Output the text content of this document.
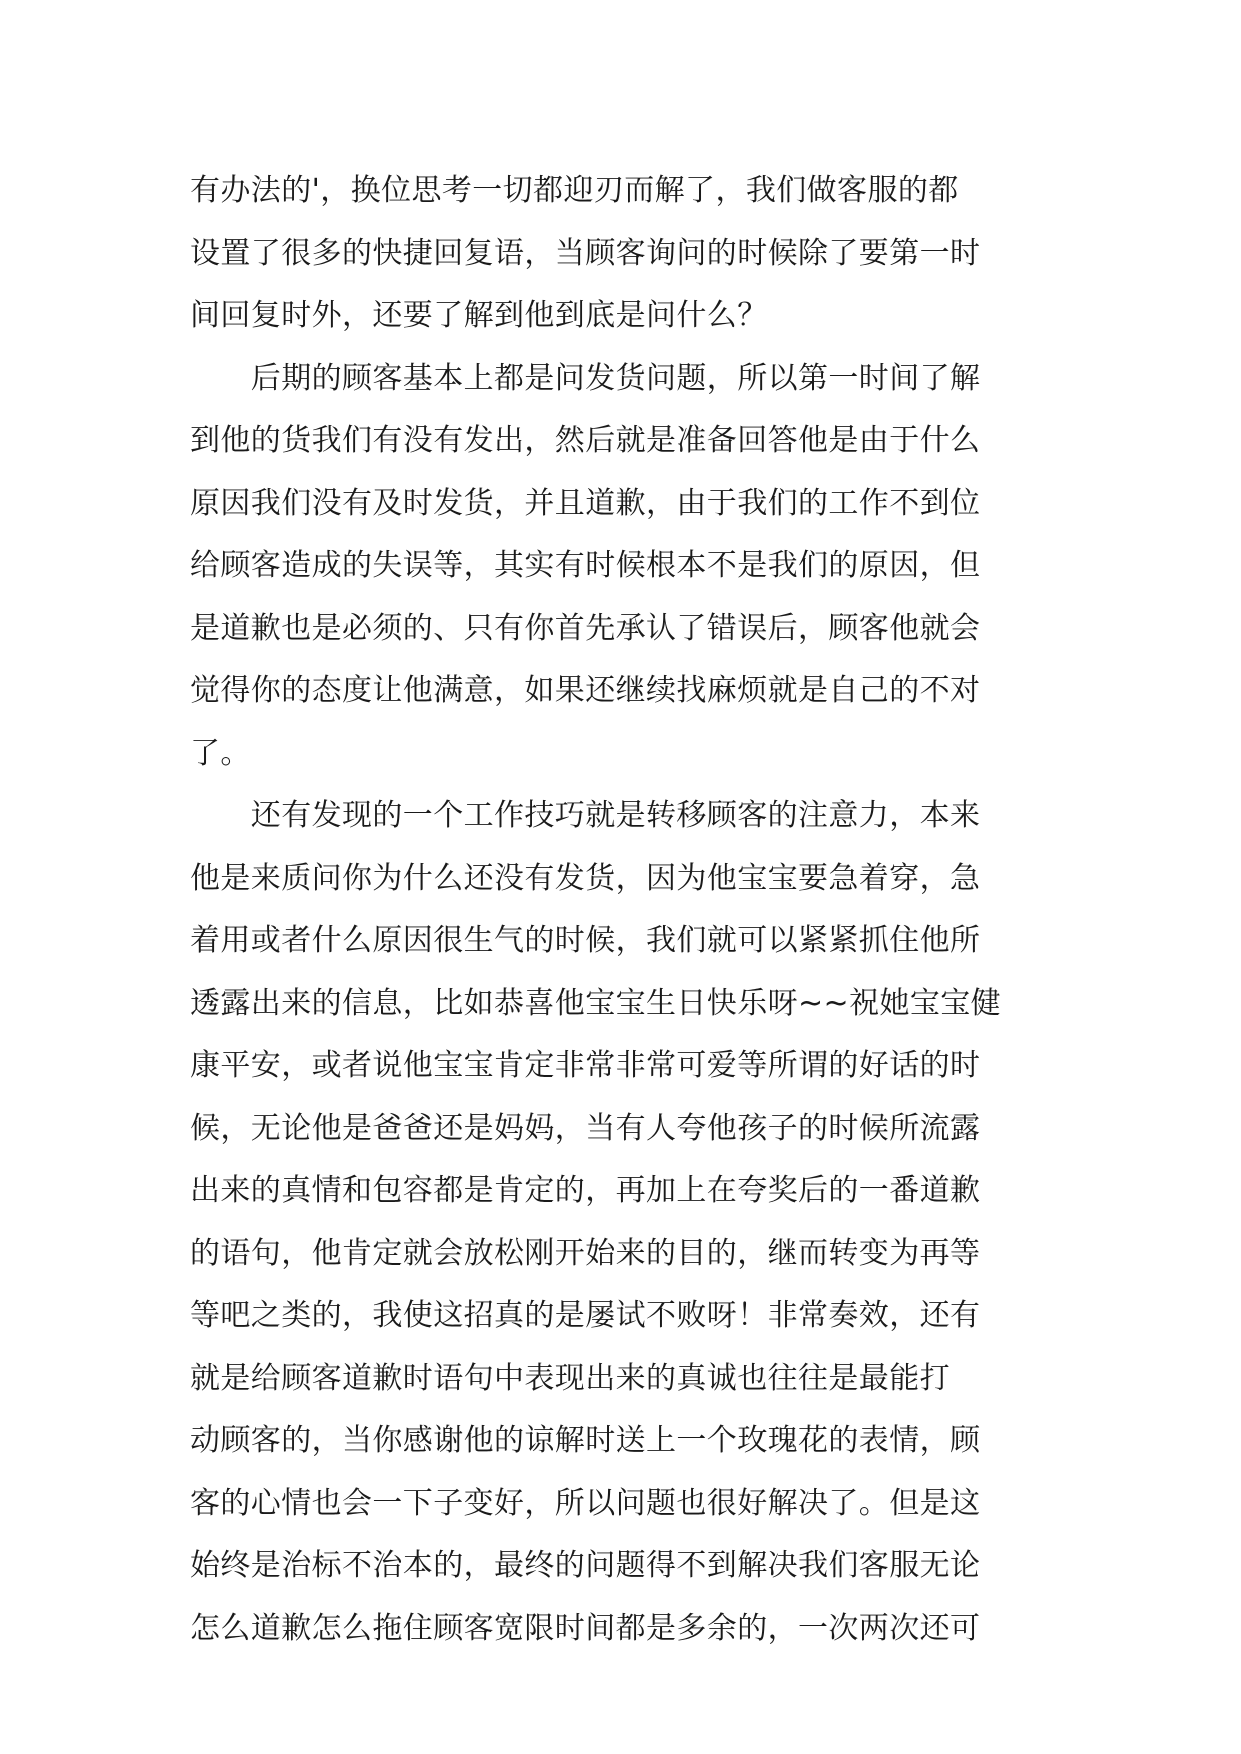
有办法的'，换位思考一切都迎刃而解了，我们做客服的都
设置了很多的快捷回复语，当顾客询问的时候除了要第一时
间回复时外，还要了解到他到底是问什么？
　　后期的顾客基本上都是问发货问题，所以第一时间了解
到他的货我们有没有发出，然后就是准备回答他是由于什么
原因我们没有及时发货，并且道歉，由于我们的工作不到位
给顾客造成的失误等，其实有时候根本不是我们的原因，但
是道歉也是必须的、只有你首先承认了错误后，顾客他就会
觉得你的态度让他满意，如果还继续找麻烦就是自己的不对
了。
　　还有发现的一个工作技巧就是转移顾客的注意力，本来
他是来质问你为什么还没有发货，因为他宝宝要急着穿，急
着用或者什么原因很生气的时候，我们就可以紧紧抓住他所
透露出来的信息，比如恭喜他宝宝生日快乐呀~~祝她宝宝健
康平安，或者说他宝宝肯定非常非常可爱等所谓的好话的时
候，无论他是爸爸还是妈妈，当有人夸他孩子的时候所流露
出来的真情和包容都是肯定的，再加上在夸奖后的一番道歉
的语句，他肯定就会放松刚开始来的目的，继而转变为再等
等吧之类的，我使这招真的是屡试不败呀！非常奏效，还有
就是给顾客道歉时语句中表现出来的真诚也往往是最能打
动顾客的，当你感谢他的谅解时送上一个玫瑰花的表情，顾
客的心情也会一下子变好，所以问题也很好解决了。但是这
始终是治标不治本的，最终的问题得不到解决我们客服无论
怎么道歉怎么拖住顾客宽限时间都是多余的，一次两次还可
